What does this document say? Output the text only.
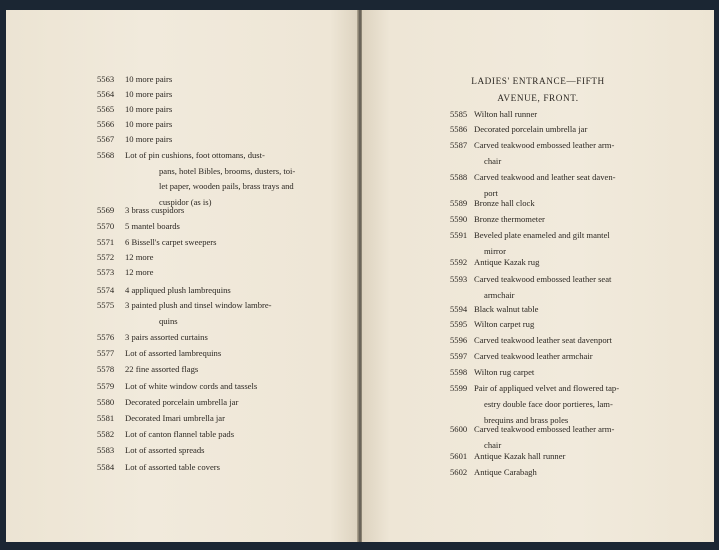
5563 10 more pairs
5564 10 more pairs
5565 10 more pairs
5566 10 more pairs
5567 10 more pairs
5568 Lot of pin cushions, foot ottomans, dust-
pans, hotel Bibles, brooms, dusters, toi-
let paper, wooden pails, brass trays and
cuspidor (as is)
5569 3 brass cuspidors
5570 5 mantel boards
5571 6 Bissell's carpet sweepers
5572 12 more
5573 12 more
5574 4 appliqued plush lambrequins
5575 3 painted plush and tinsel window lambre-
quins
5576 3 pairs assorted curtains
5577 Lot of assorted lambrequins
5578 22 fine assorted flags
5579 Lot of white window cords and tassels
5580 Decorated porcelain umbrella jar
5581 Decorated Imari umbrella jar
5582 Lot of canton flannel table pads
5583 Lot of assorted spreads
5584 Lot of assorted table covers
LADIES' ENTRANCE—FIFTH
AVENUE, FRONT.
5585 Wilton hall runner
5586 Decorated porcelain umbrella jar
5587 Carved teakwood embossed leather arm-
chair
5588 Carved teakwood and leather seat daven-
port
5589 Bronze hall clock
5590 Bronze thermometer
5591 Beveled plate enameled and gilt mantel
mirror
5592 Antique Kazak rug
5593 Carved teakwood embossed leather seat
armchair
5594 Black walnut table
5595 Wilton carpet rug
5596 Carved teakwood leather seat davenport
5597 Carved teakwood leather armchair
5598 Wilton rug carpet
5599 Pair of appliqued velvet and flowered tap-
estry double face door portieres, lam-
brequins and brass poles
5600 Carved teakwood embossed leather arm-
chair
5601 Antique Kazak hall runner
5602 Antique Carabagh
